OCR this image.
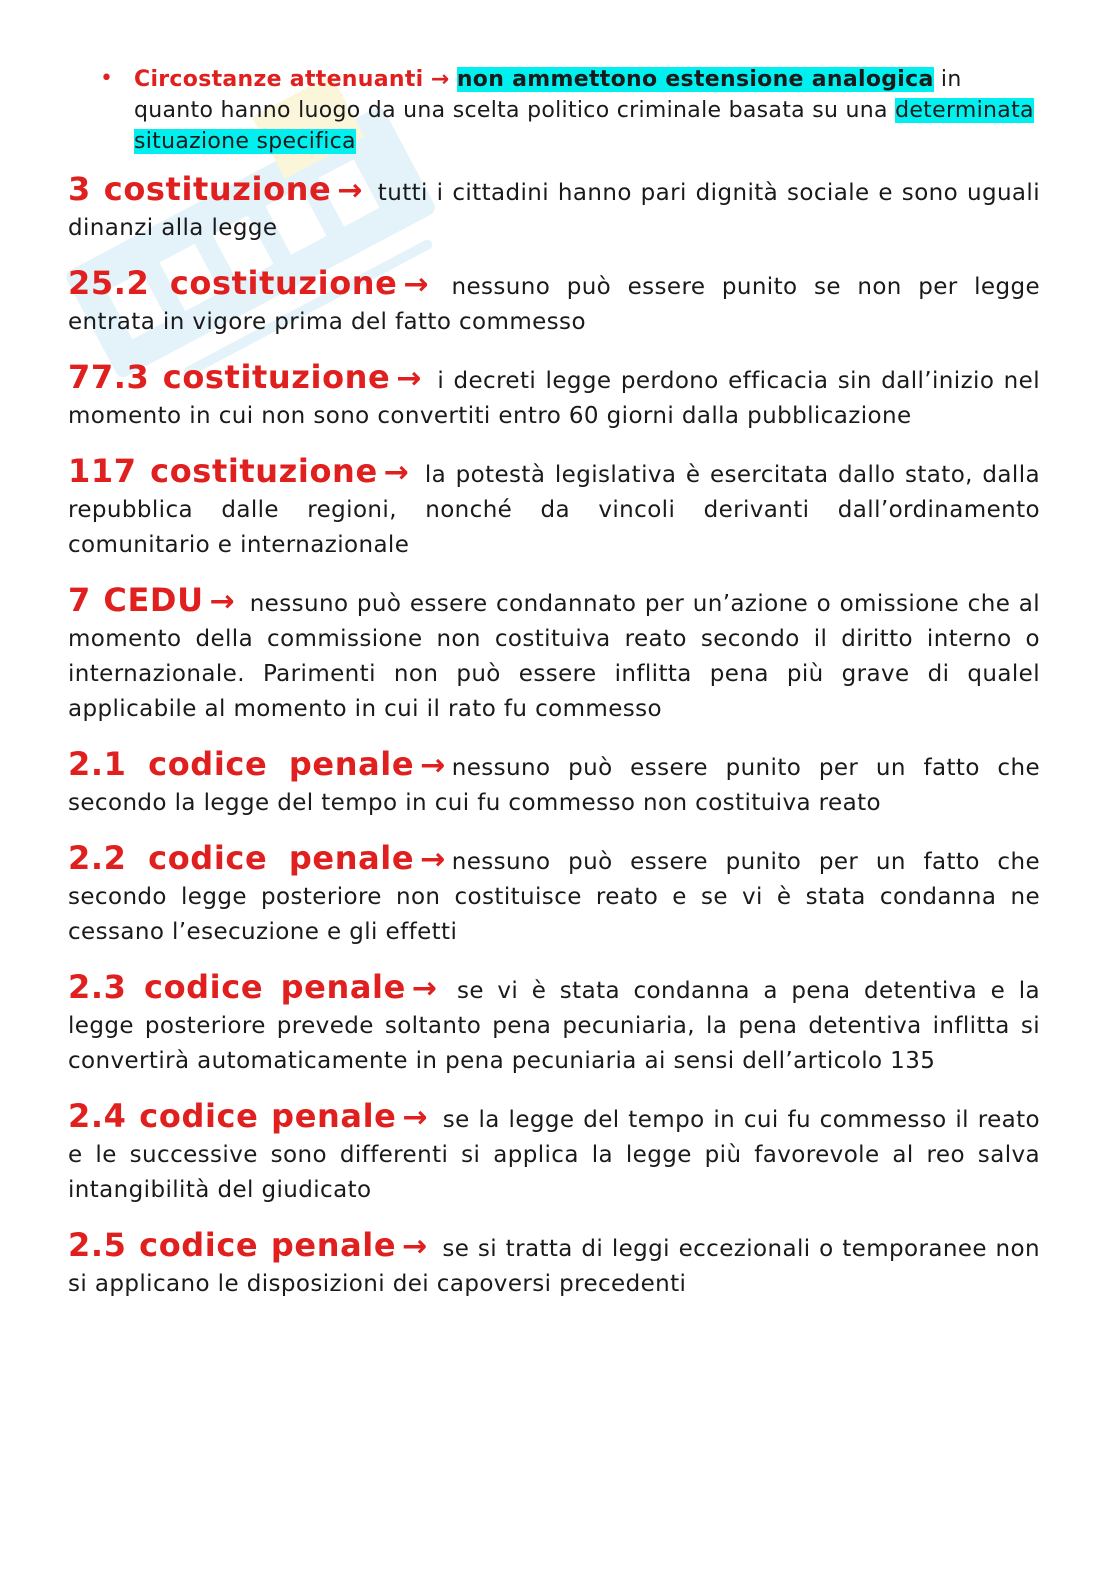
• Circostanze attenuanti → non ammettono estensione analogica in quanto hanno luogo da una scelta politico criminale basata su una determinata situazione specifica

3 costituzione → tutti i cittadini hanno pari dignità sociale e sono uguali dinanzi alla legge

25.2 costituzione → nessuno può essere punito se non per legge entrata in vigore prima del fatto commesso

77.3 costituzione → i decreti legge perdono efficacia sin dall’inizio nel momento in cui non sono convertiti entro 60 giorni dalla pubblicazione

117 costituzione → la potestà legislativa è esercitata dallo stato, dalla repubblica dalle regioni, nonché da vincoli derivanti dall’ordinamento comunitario e internazionale

7 CEDU → nessuno può essere condannato per un’azione o omissione che al momento della commissione non costituiva reato secondo il diritto interno o internazionale. Parimenti non può essere inflitta pena più grave di qualel applicabile al momento in cui il rato fu commesso

2.1 codice penale → nessuno può essere punito per un fatto che secondo la legge del tempo in cui fu commesso non costituiva reato

2.2 codice penale → nessuno può essere punito per un fatto che secondo legge posteriore non costituisce reato e se vi è stata condanna ne cessano l’esecuzione e gli effetti

2.3 codice penale → se vi è stata condanna a pena detentiva e la legge posteriore prevede soltanto pena pecuniaria, la pena detentiva inflitta si convertirà automaticamente in pena pecuniaria ai sensi dell’articolo 135

2.4 codice penale → se la legge del tempo in cui fu commesso il reato e le successive sono differenti si applica la legge più favorevole al reo salva intangibilità del giudicato

2.5 codice penale → se si tratta di leggi eccezionali o temporanee non si applicano le disposizioni dei capoversi precedenti
